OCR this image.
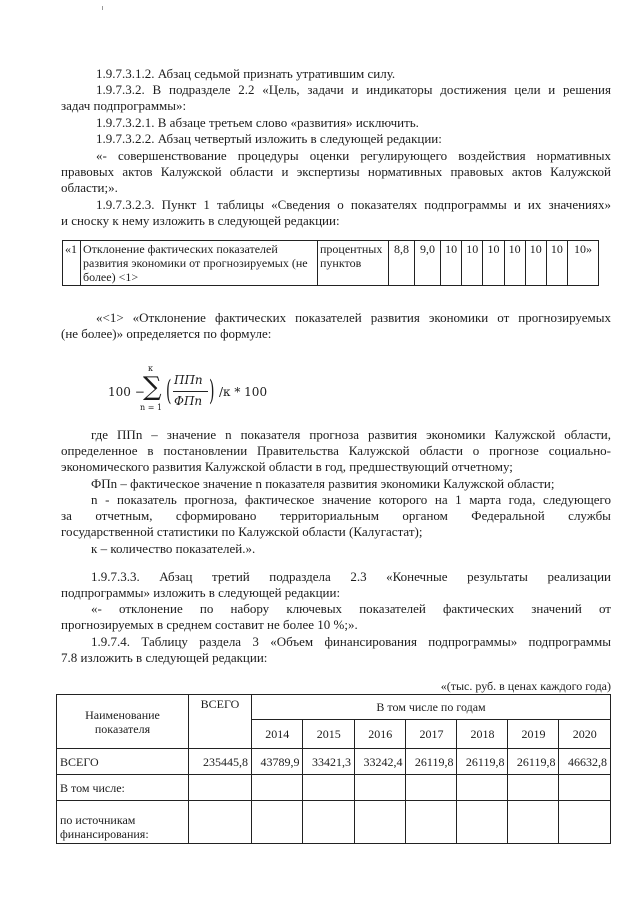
1.9.7.3.1.2. Абзац седьмой признать утратившим силу.
1.9.7.3.2. В подразделе 2.2 «Цель, задачи и индикаторы достижения цели и решения
задач подпрограммы»:
1.9.7.3.2.1. В абзаце третьем слово «развития» исключить.
1.9.7.3.2.2. Абзац четвертый изложить в следующей редакции:
«- совершенствование процедуры оценки регулирующего воздействия нормативных
правовых актов Калужской области и экспертизы нормативных правовых актов Калужской
области;».
1.9.7.3.2.3. Пункт 1 таблицы «Сведения о показателях подпрограммы и их значениях»
и сноску к нему изложить в следующей редакции:
«1	Отклонение фактических показателей развития экономики от прогнозируемых (не более) <1>	процентных пунктов	8,8	9,0	10	10	10	10	10	10	10»
«<1> «Отклонение фактических показателей развития экономики от прогнозируемых
(не более)» определяется по формуле:
100 −
к
∑
n = 1
( ППn
ФПn ) /к * 100
где ППn – значение n показателя прогноза развития экономики Калужской области,
определенное в постановлении Правительства Калужской области о прогнозе социально-
экономического развития Калужской области в год, предшествующий отчетному;
ФПn – фактическое значение n показателя развития экономики Калужской области;
n - показатель прогноза, фактическое значение которого на 1 марта года, следующего
за отчетным, сформировано территориальным органом Федеральной службы
государственной статистики по Калужской области (Калугастат);
к – количество показателей.».
1.9.7.3.3. Абзац третий подраздела 2.3 «Конечные результаты реализации
подпрограммы» изложить в следующей редакции:
«- отклонение по набору ключевых показателей фактических значений от
прогнозируемых в среднем составит не более 10 %;».
1.9.7.4. Таблицу раздела 3 «Объем финансирования подпрограммы» подпрограммы
7.8 изложить в следующей редакции:
«(тыс. руб. в ценах каждого года)
Наименование показателя	ВСЕГО	В том числе по годам						
		2014	2015	2016	2017	2018	2019	2020
ВСЕГО	235445,8	43789,9	33421,3	33242,4	26119,8	26119,8	26119,8	46632,8
В том числе:								
по источникам финансирования:								
